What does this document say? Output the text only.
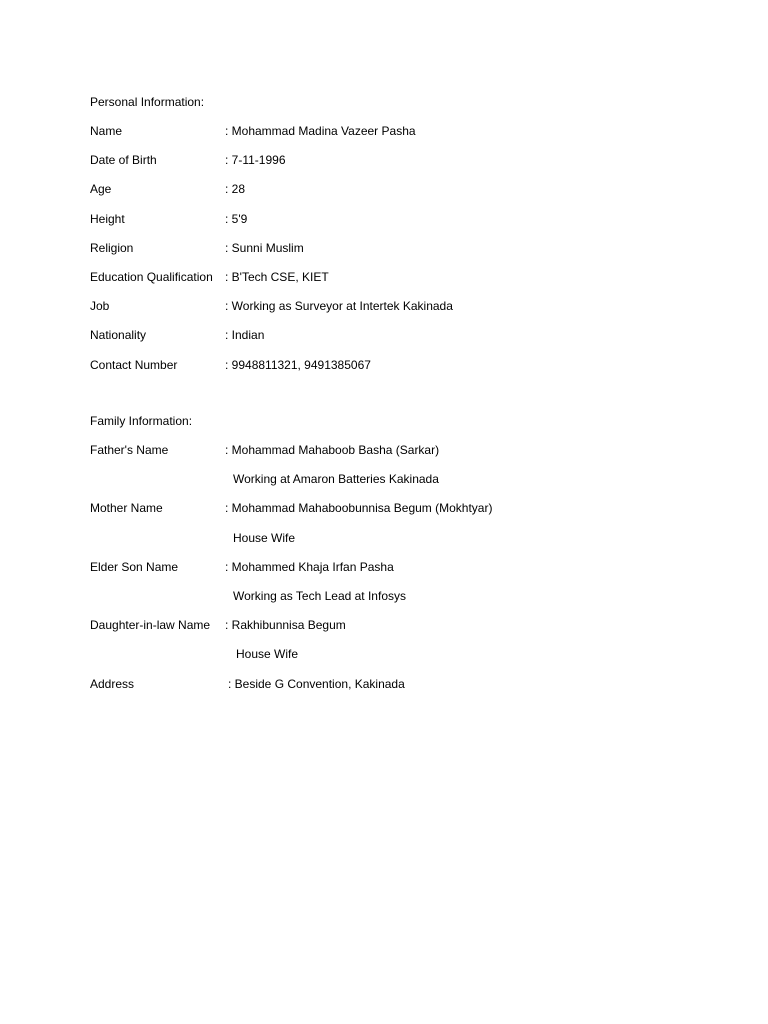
Personal Information:
Name	: Mohammad Madina Vazeer Pasha
Date of Birth	: 7-11-1996
Age	: 28
Height	: 5'9
Religion	: Sunni Muslim
Education Qualification : B'Tech CSE, KIET
Job	: Working as Surveyor at Intertek Kakinada
Nationality	: Indian
Contact Number	: 9948811321, 9491385067
Family Information:
Father's Name	: Mohammad Mahaboob Basha (Sarkar)
Working at Amaron Batteries Kakinada
Mother Name	: Mohammad Mahaboobunnisa Begum (Mokhtyar)
House Wife
Elder Son Name	: Mohammed Khaja Irfan Pasha
Working as Tech Lead at Infosys
Daughter-in-law Name : Rakhibunnisa Begum
House Wife
Address	: Beside G Convention, Kakinada
